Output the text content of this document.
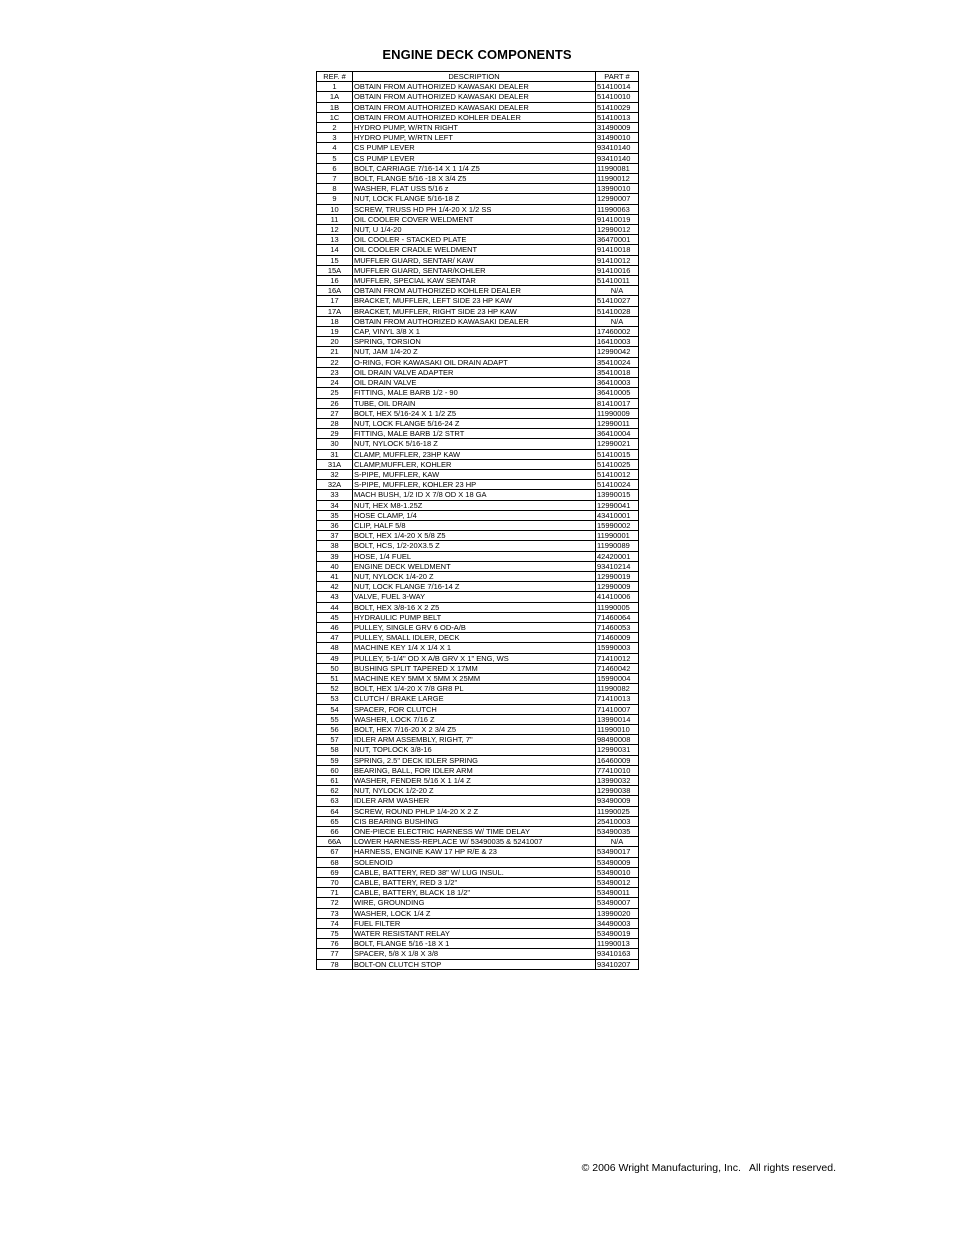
ENGINE DECK COMPONENTS
REF. #	DESCRIPTION	PART #
1	OBTAIN FROM AUTHORIZED KAWASAKI DEALER	51410014
1A	OBTAIN FROM AUTHORIZED KAWASAKI DEALER	51410010
1B	OBTAIN FROM AUTHORIZED KAWASAKI DEALER	51410029
1C	OBTAIN FROM AUTHORIZED KOHLER DEALER	51410013
2	HYDRO PUMP, W/RTN RIGHT	31490009
3	HYDRO PUMP, W/RTN LEFT	31490010
4	CS PUMP LEVER	93410140
5	CS PUMP LEVER	93410140
6	BOLT, CARRIAGE 7/16-14 X 1 1/4 Z5	11990081
7	BOLT, FLANGE 5/16 -18 X 3/4 Z5	11990012
8	WASHER, FLAT USS 5/16 z	13990010
9	NUT, LOCK FLANGE 5/16-18 Z	12990007
10	SCREW, TRUSS HD PH 1/4-20 X 1/2 SS	11990063
11	OIL COOLER COVER WELDMENT	91410019
12	NUT, U 1/4-20	12990012
13	OIL COOLER - STACKED PLATE	36470001
14	OIL COOLER CRADLE WELDMENT	91410018
15	MUFFLER GUARD, SENTAR/ KAW	91410012
15A	MUFFLER GUARD, SENTAR/KOHLER	91410016
16	MUFFLER, SPECIAL KAW SENTAR	51410011
16A	OBTAIN FROM AUTHORIZED KOHLER DEALER	N/A
17	BRACKET, MUFFLER, LEFT SIDE 23 HP KAW	51410027
17A	BRACKET, MUFFLER, RIGHT SIDE 23 HP KAW	51410028
18	OBTAIN FROM AUTHORIZED KAWASAKI DEALER	N/A
19	CAP, VINYL 3/8 X 1	17460002
20	SPRING, TORSION	16410003
21	NUT, JAM 1/4-20 Z	12990042
22	O-RING, FOR KAWASAKI OIL DRAIN ADAPT	35410024
23	OIL DRAIN VALVE ADAPTER	35410018
24	OIL DRAIN VALVE	36410003
25	FITTING, MALE BARB 1/2 - 90	36410005
26	TUBE, OIL DRAIN	81410017
27	BOLT, HEX 5/16-24 X 1 1/2 Z5	11990009
28	NUT, LOCK FLANGE 5/16-24 Z	12990011
29	FITTING, MALE BARB 1/2 STRT	36410004
30	NUT, NYLOCK 5/16-18 Z	12990021
31	CLAMP, MUFFLER, 23HP KAW	51410015
31A	CLAMP,MUFFLER, KOHLER	51410025
32	S-PIPE, MUFFLER, KAW	51410012
32A	S-PIPE, MUFFLER, KOHLER 23 HP	51410024
33	MACH BUSH, 1/2 ID X 7/8 OD X 18 GA	13990015
34	NUT, HEX M8-1.25Z	12990041
35	HOSE CLAMP, 1/4	43410001
36	CLIP, HALF 5/8	15990002
37	BOLT, HEX 1/4-20 X 5/8 Z5	11990001
38	BOLT, HCS, 1/2-20X3.5 Z	11990089
39	HOSE, 1/4 FUEL	42420001
40	ENGINE DECK WELDMENT	93410214
41	NUT, NYLOCK 1/4-20 Z	12990019
42	NUT, LOCK FLANGE 7/16-14 Z	12990009
43	VALVE, FUEL 3-WAY	41410006
44	BOLT, HEX 3/8-16 X 2 Z5	11990005
45	HYDRAULIC PUMP BELT	71460064
46	PULLEY, SINGLE GRV 6 OD-A/B	71460053
47	PULLEY, SMALL IDLER, DECK	71460009
48	MACHINE KEY 1/4 X 1/4 X 1	15990003
49	PULLEY, 5-1/4" OD X A/B GRV X 1" ENG, WS	71410012
50	BUSHING SPLIT TAPERED X 17MM	71460042
51	MACHINE KEY 5MM X 5MM X 25MM	15990004
52	BOLT, HEX 1/4-20 X 7/8 GR8 PL	11990082
53	CLUTCH / BRAKE LARGE	71410013
54	SPACER, FOR CLUTCH	71410007
55	WASHER, LOCK 7/16 Z	13990014
56	BOLT, HEX 7/16-20 X 2 3/4 Z5	11990010
57	IDLER ARM ASSEMBLY, RIGHT, 7"	98490008
58	NUT, TOPLOCK 3/8-16	12990031
59	SPRING, 2.5" DECK IDLER SPRING	16460009
60	BEARING, BALL, FOR IDLER ARM	77410010
61	WASHER, FENDER 5/16 X 1 1/4 Z	13990032
62	NUT, NYLOCK 1/2-20 Z	12990038
63	IDLER ARM WASHER	93490009
64	SCREW, ROUND PHLP 1/4-20 X 2 Z	11990025
65	CIS BEARING BUSHING	25410003
66	ONE-PIECE ELECTRIC HARNESS W/ TIME DELAY	53490035
66A	LOWER HARNESS-REPLACE W/ 53490035 & 5241007	N/A
67	HARNESS, ENGINE KAW 17 HP R/E & 23	53490017
68	SOLENOID	53490009
69	CABLE, BATTERY, RED 38" W/ LUG INSUL.	53490010
70	CABLE, BATTERY, RED 3 1/2"	53490012
71	CABLE, BATTERY, BLACK 18 1/2"	53490011
72	WIRE, GROUNDING	53490007
73	WASHER, LOCK 1/4 Z	13990020
74	FUEL FILTER	34490003
75	WATER RESISTANT RELAY	53490019
76	BOLT, FLANGE 5/16 -18 X 1	11990013
77	SPACER, 5/8 X 1/8 X 3/8	93410163
78	BOLT-ON CLUTCH STOP	93410207
© 2006 Wright Manufacturing, Inc.   All rights reserved.
